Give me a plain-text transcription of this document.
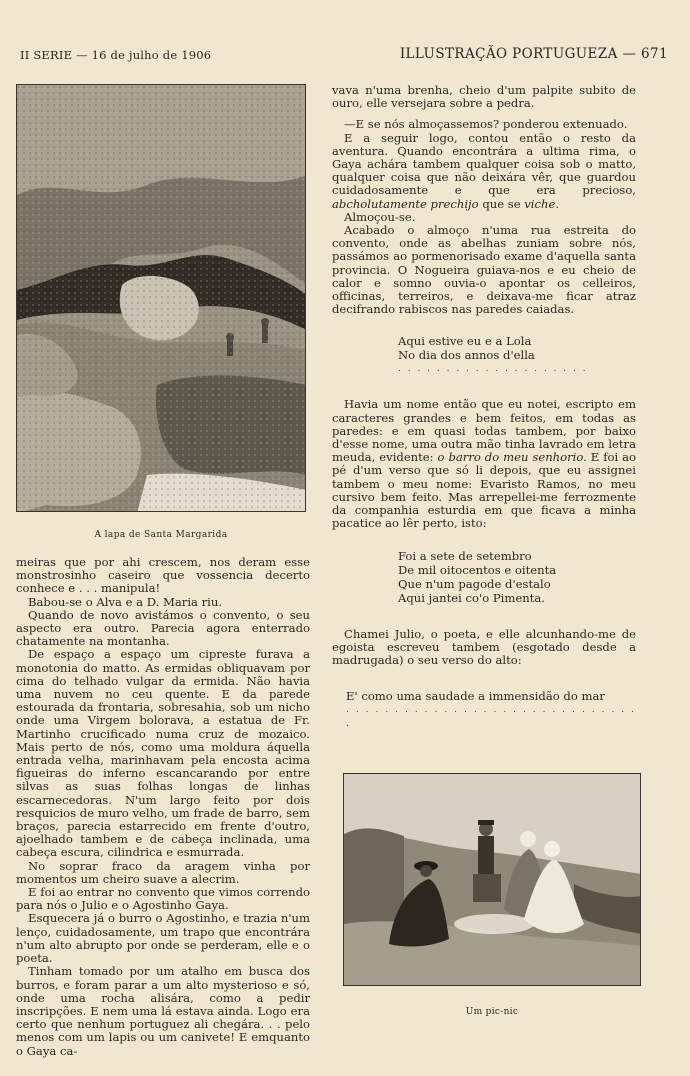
II SERIE — 16 de julho de 1906	ILLUSTRAÇÃO PORTUGUEZA — 671
A lapa de Santa Margarida

meiras que por ahi crescem, nos deram esse monstrosinho caseiro que vossencia decerto conhece e . . . manipula!

Babou-se o Alva e a D. Maria riu.

Quando de novo avistámos o convento, o seu aspecto era outro. Parecia agora enterrado chatamente na montanha.

De espaço a espaço um cipreste furava a monotonia do matto. As ermidas obliquavam por cima do telhado vulgar da ermida. Não havia uma nuvem no ceu quente. E da parede estourada da frontaria, sobresahia, sob um nicho onde uma Virgem bolorava, a estatua de Fr. Martinho crucificado numa cruz de mozaico. Mais perto de nós, como uma moldura áquella entrada velha, marinhavam pela encosta acima figueiras do inferno escancarando por entre silvas as suas folhas longas de linhas escarnecedoras. N'um largo feito por dois resquicios de muro velho, um frade de barro, sem braços, parecia estarrecido em frente d'outro, ajoelhado tambem e de cabeça inclinada, uma cabeça escura, cilindrica e esmurrada.

No soprar fraco da aragem vinha por momentos um cheiro suave a alecrim.

E foi ao entrar no convento que vimos correndo para nós o Julio e o Agostinho Gaya.

Esquecera já o burro o Agostinho, e trazia n'um lenço, cuidadosamente, um trapo que encontrára n'um alto abrupto por onde se perderam, elle e o poeta.

Tinham tomado por um atalho em busca dos burros, e foram parar a um alto mysterioso e só, onde uma rocha alisára, como a pedir inscripções. E nem uma lá estava ainda. Logo era certo que nenhum portuguez ali chegára. . . pelo menos com um lapis ou um canivete! E emquanto o Gaya ca-

vava n'uma brenha, cheio d'um palpite subito de ouro, elle versejara sobre a pedra.

—E se nós almoçassemos? ponderou extenuado.

E a seguir logo, contou então o resto da aventura. Quando encontrára a ultima rima, o Gaya achára tambem qualquer coisa sob o matto, qualquer coisa que não deixára vêr, que guardou cuidadosamente e que era precioso, abcholutamente prechijo que se viche.

Almoçou-se.

Acabado o almoço n'uma rua estreita do convento, onde as abelhas zuniam sobre nós, passámos ao pormenorisado exame d'aquella santa provincia. O Nogueira guiava-nos e eu cheio de calor e somno ouvia-o apontar os celleiros, officinas, terreiros, e deixava-me ficar atraz decifrando rabiscos nas paredes caiadas.

Aqui estive eu e a Lola
No dia dos annos d'ella
. . . . . . . . . . . . . . . . . . . .

Havia um nome então que eu notei, escripto em caracteres grandes e bem feitos, em todas as paredes: e em quasi todas tambem, por baixo d'esse nome, uma outra mão tinha lavrado em letra meuda, evidente: o barro do meu senhorio. E foi ao pé d'um verso que só li depois, que eu assignei tambem o meu nome: Evaristo Ramos, no meu cursivo bem feito. Mas arrepellei-me ferrozmente da companhia esturdia em que ficava a minha pacatice ao lêr perto, isto:

Foi a sete de setembro
De mil oitocentos e oitenta
Que n'um pagode d'estalo
Aqui jantei co'o Pimenta.

Chamei Julio, o poeta, e elle alcunhando-me de egoista escreveu tambem (esgotado desde a madrugada) o seu verso do alto:

E' como uma saudade a immensidão do mar
. . . . . . . . . . . . . . . . . . . . . . . . . . . . . . .
Um pic-nic
